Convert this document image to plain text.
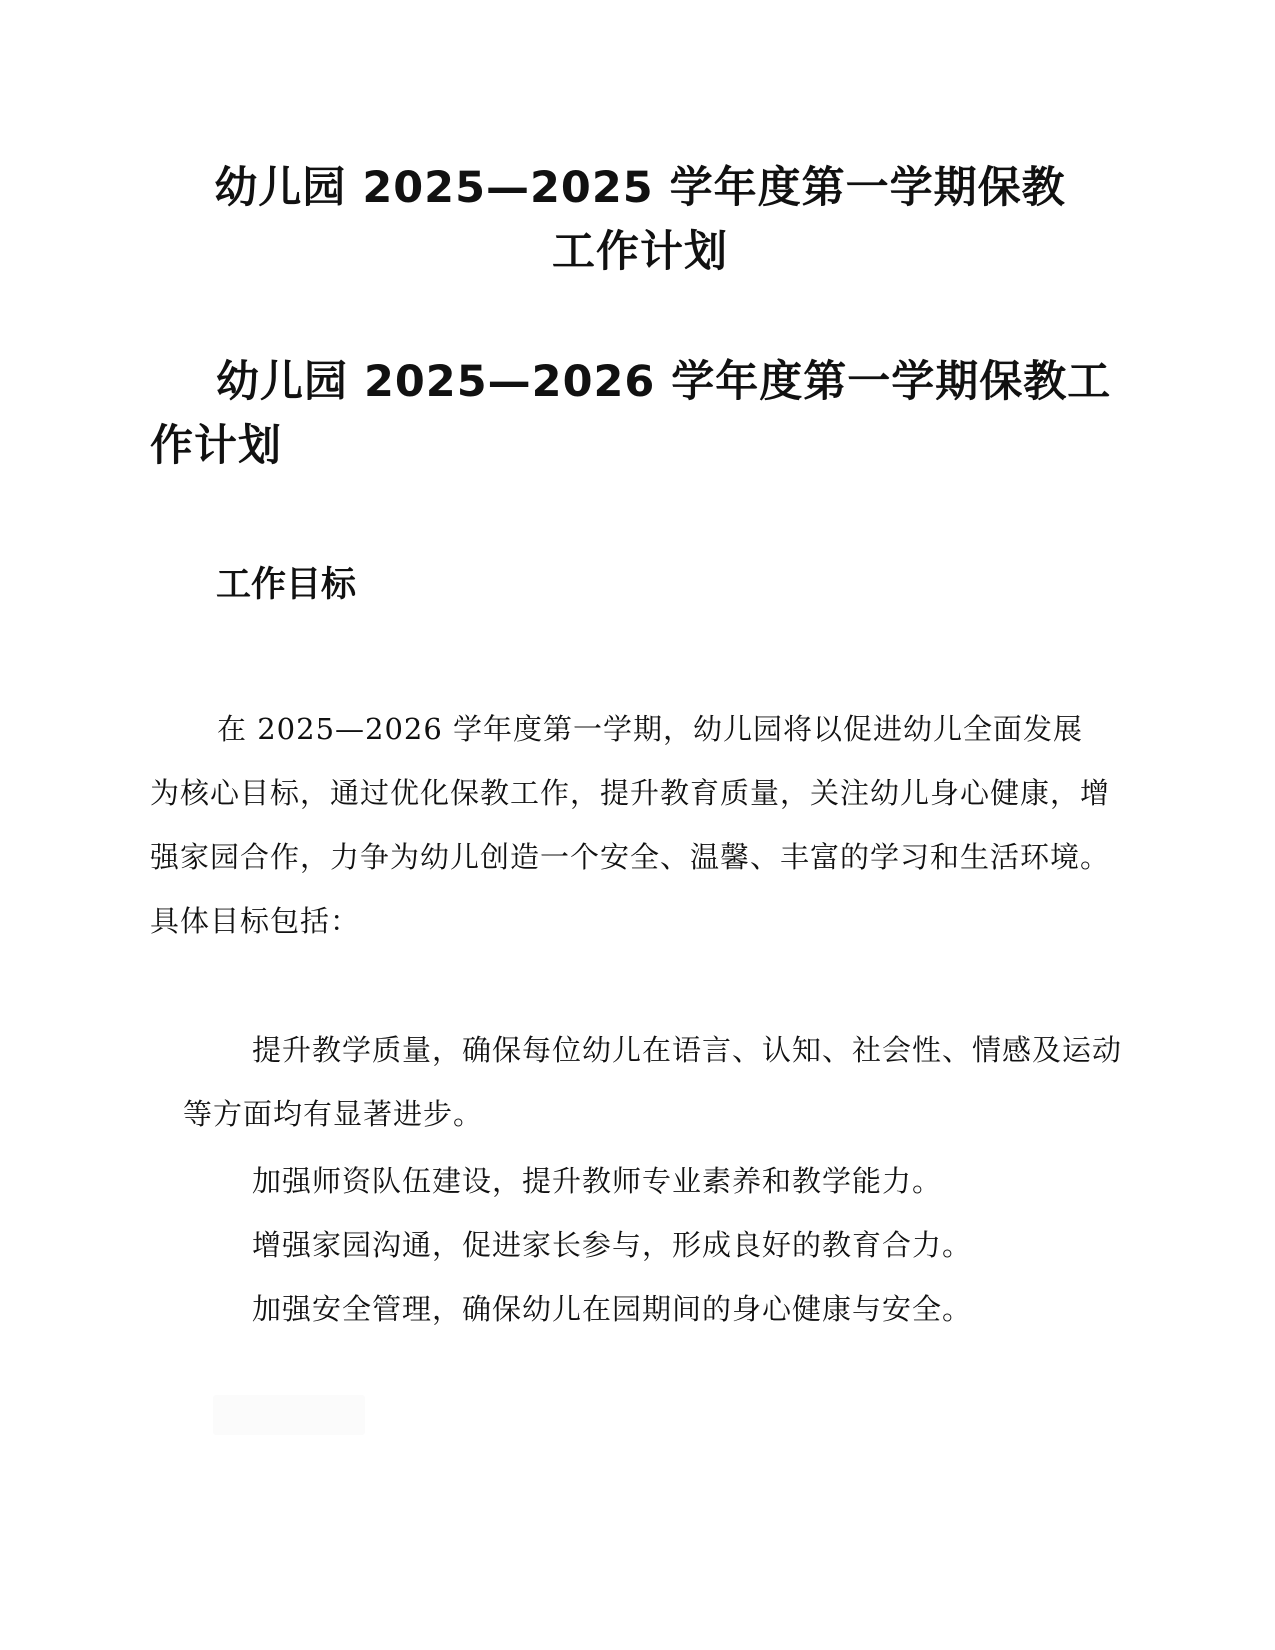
幼儿园 2025—2025 学年度第一学期保教
工作计划
幼儿园 2025—2026 学年度第一学期保教工作计划
工作目标

在 2025—2026 学年度第一学期，幼儿园将以促进幼儿全面发展为核心目标，通过优化保教工作，提升教育质量，关注幼儿身心健康，增强家园合作，力争为幼儿创造一个安全、温馨、丰富的学习和生活环境。具体目标包括：

提升教学质量，确保每位幼儿在语言、认知、社会性、情感及运动等方面均有显著进步。
加强师资队伍建设，提升教师专业素养和教学能力。
增强家园沟通，促进家长参与，形成良好的教育合力。
加强安全管理，确保幼儿在园期间的身心健康与安全。
